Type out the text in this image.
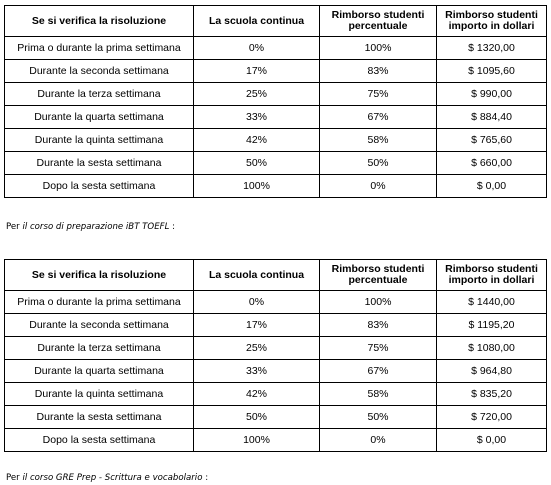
Se si verifica la risoluzione	La scuola continua	Rimborso studenti percentuale	Rimborso studenti importo in dollari
Prima o durante la prima settimana	0%	100%	$ 1320,00
Durante la seconda settimana	17%	83%	$ 1095,60
Durante la terza settimana	25%	75%	$ 990,00
Durante la quarta settimana	33%	67%	$ 884,40
Durante la quinta settimana	42%	58%	$ 765,60
Durante la sesta settimana	50%	50%	$ 660,00
Dopo la sesta settimana	100%	0%	$ 0,00
Per il corso di preparazione iBT TOEFL :
Se si verifica la risoluzione	La scuola continua	Rimborso studenti percentuale	Rimborso studenti importo in dollari
Prima o durante la prima settimana	0%	100%	$ 1440,00
Durante la seconda settimana	17%	83%	$ 1195,20
Durante la terza settimana	25%	75%	$ 1080,00
Durante la quarta settimana	33%	67%	$ 964,80
Durante la quinta settimana	42%	58%	$ 835,20
Durante la sesta settimana	50%	50%	$ 720,00
Dopo la sesta settimana	100%	0%	$ 0,00
Per il corso GRE Prep - Scrittura e vocabolario :
